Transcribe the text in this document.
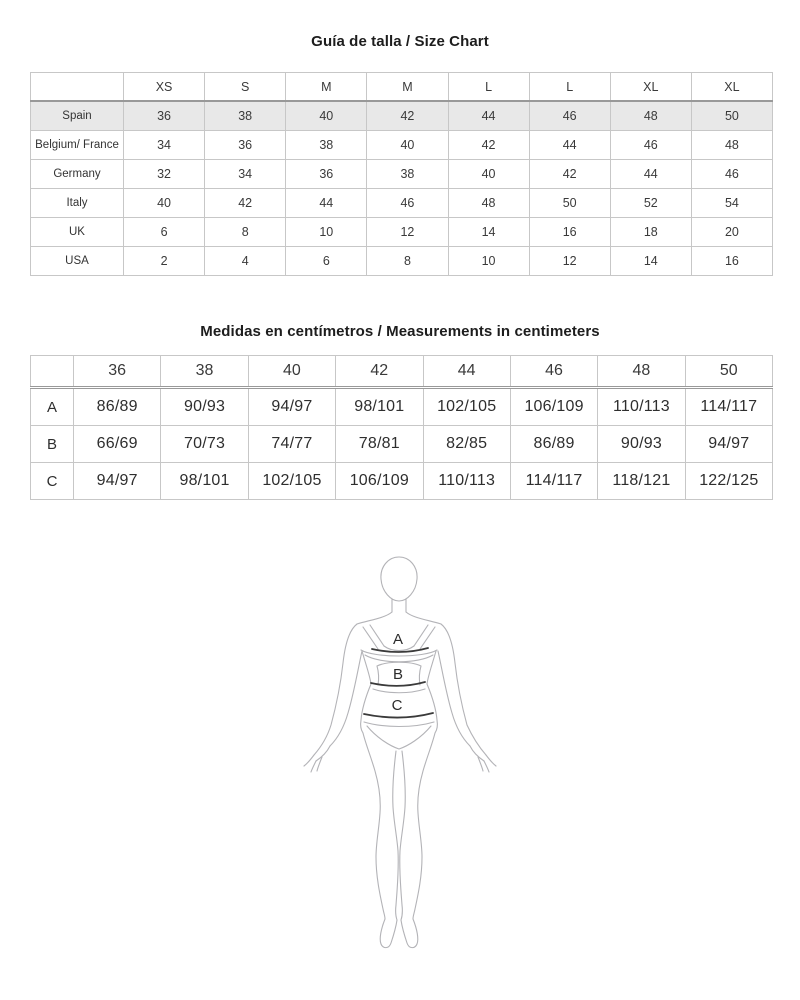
Guía de talla / Size Chart
	XS	S	M	M	L	L	XL	XL
Spain	36	38	40	42	44	46	48	50
Belgium/ France	34	36	38	40	42	44	46	48
Germany	32	34	36	38	40	42	44	46
Italy	40	42	44	46	48	50	52	54
UK	6	8	10	12	14	16	18	20
USA	2	4	6	8	10	12	14	16
Medidas en centímetros / Measurements in centimeters
	36	38	40	42	44	46	48	50
A	86/89	90/93	94/97	98/101	102/105	106/109	110/113	114/117
B	66/69	70/73	74/77	78/81	82/85	86/89	90/93	94/97
C	94/97	98/101	102/105	106/109	110/113	114/117	118/121	122/125
A
B
C
